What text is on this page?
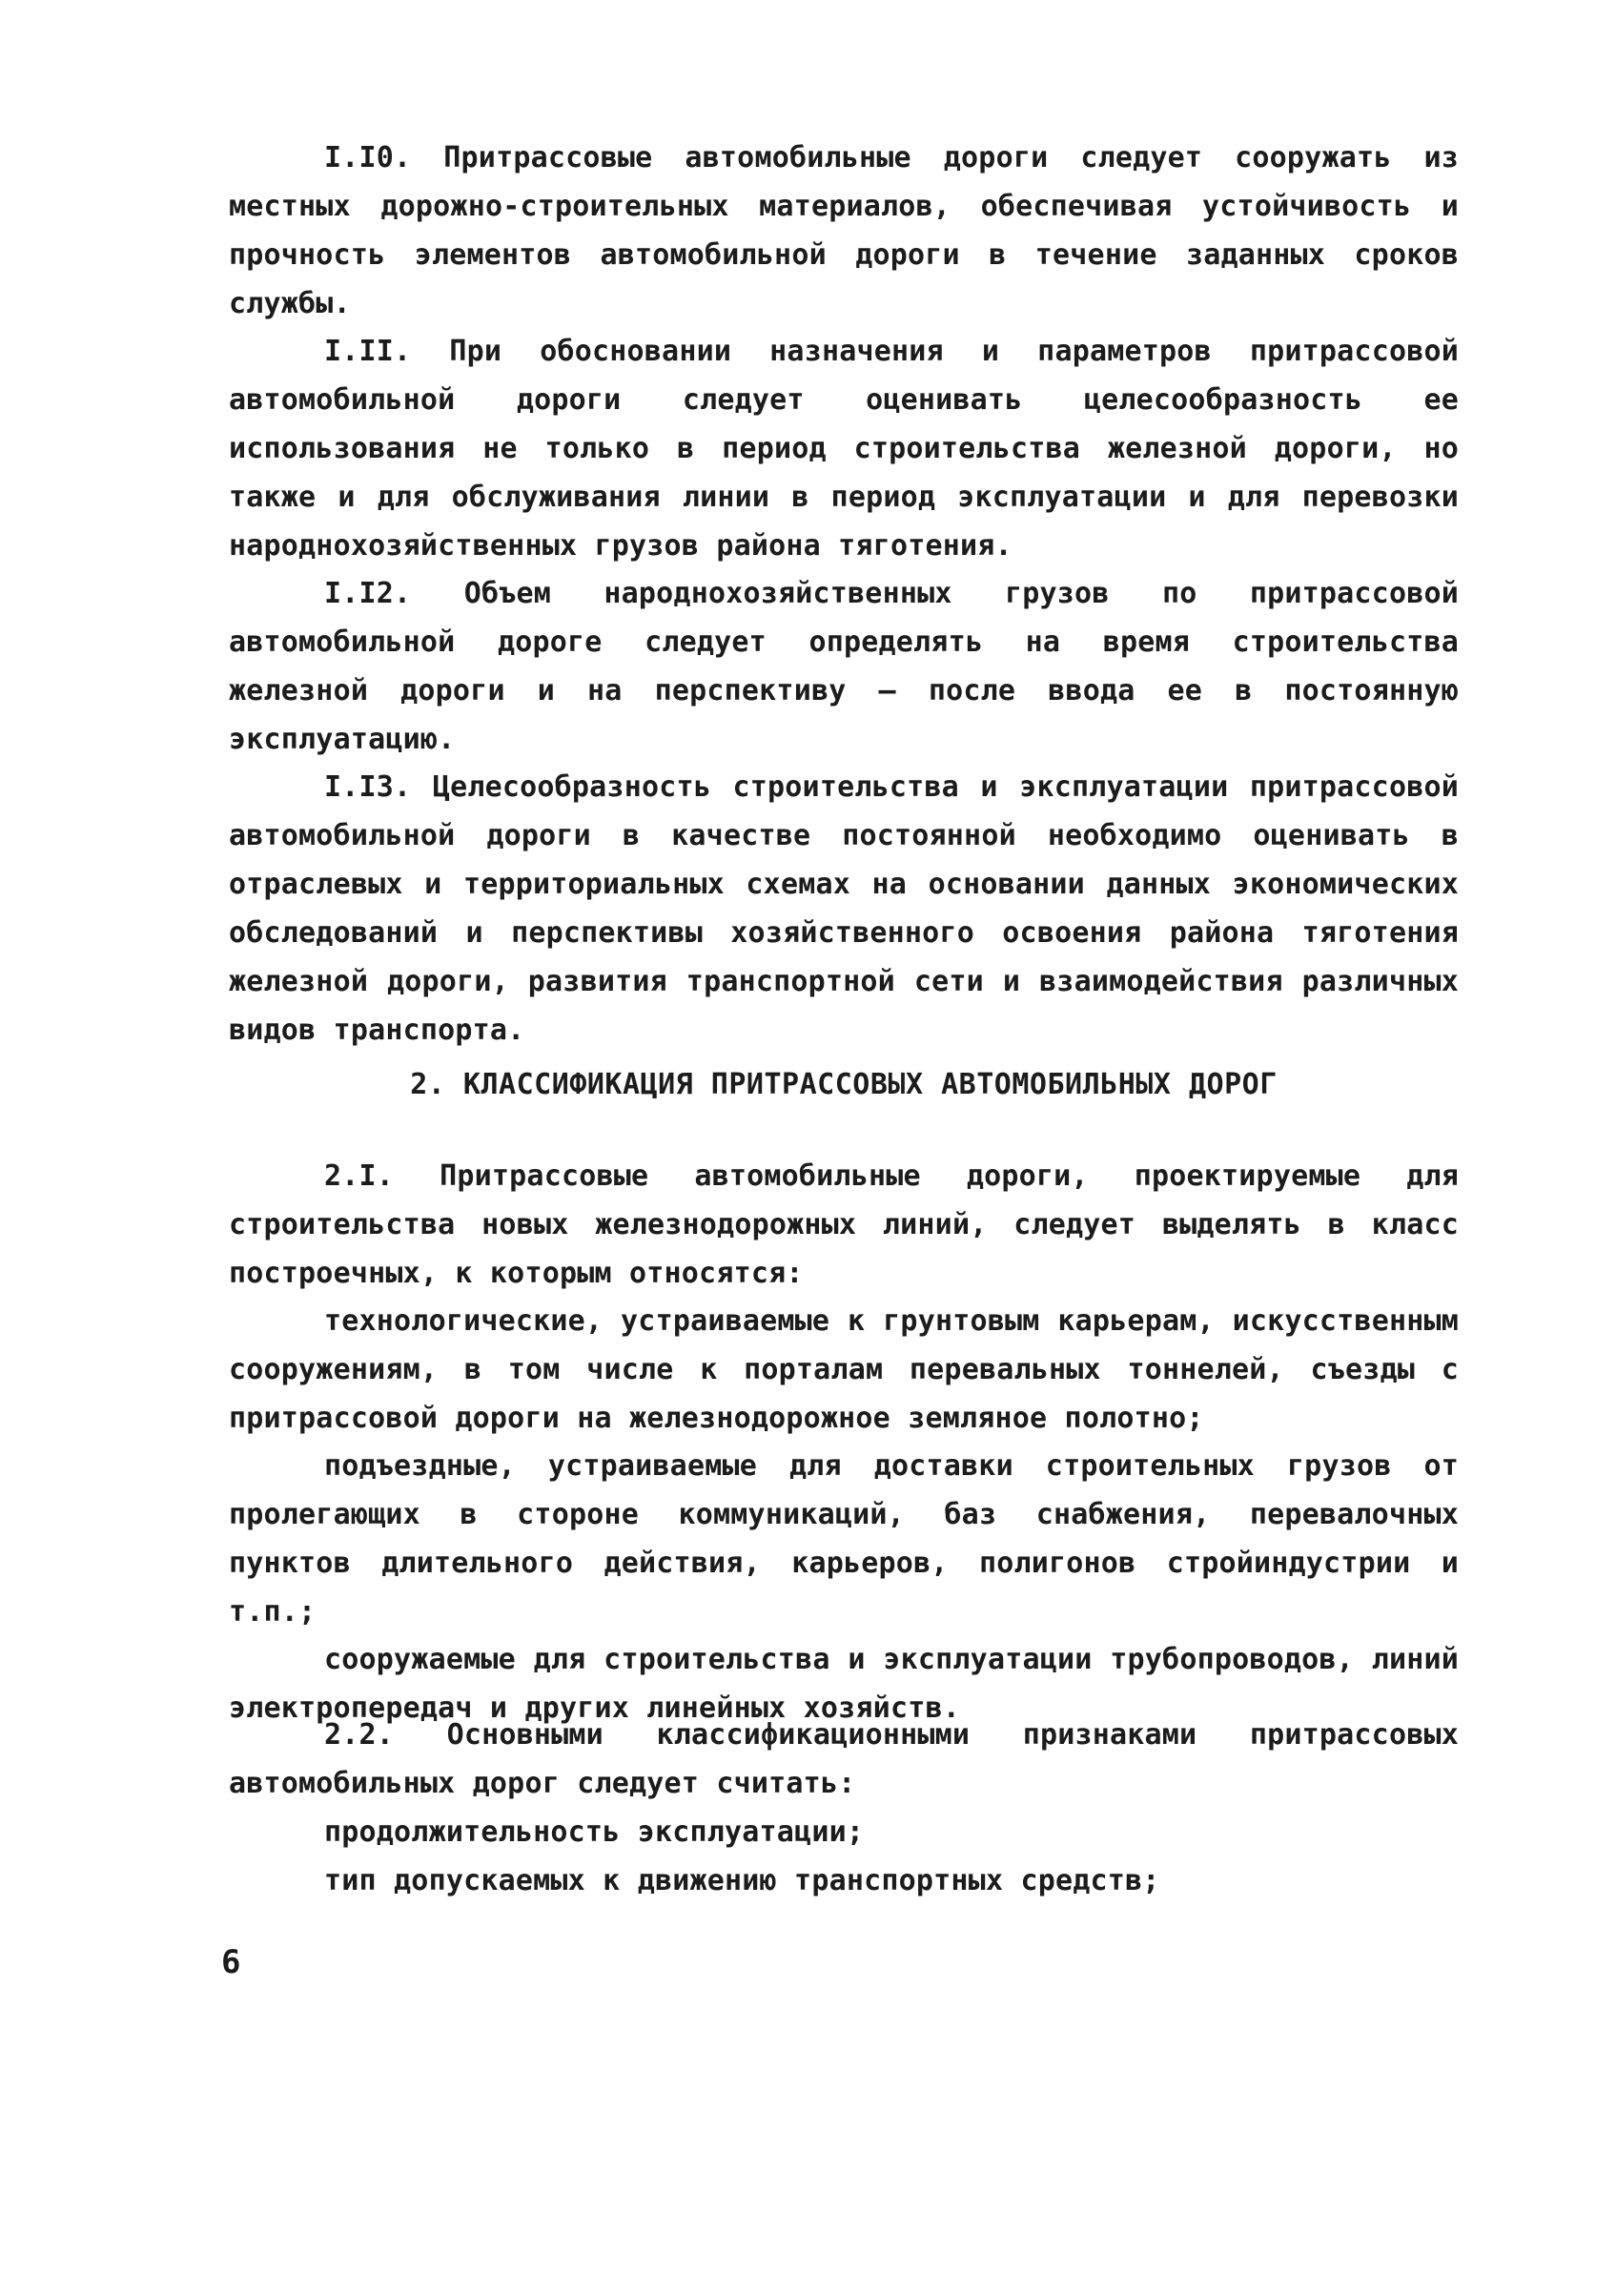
I.I0. Притрассовые автомобильные дороги следует сооружать из местных дорожно-строительных материалов, обеспечивая устойчивость и прочность элементов автомобильной дороги в течение заданных сроков службы.

I.II. При обосновании назначения и параметров притрассовой автомобильной дороги следует оценивать целесообразность ее использования не только в период строительства железной дороги, но также и для обслуживания линии в период эксплуатации и для перевозки народнохозяйственных грузов района тяготения.

I.I2. Объем народнохозяйственных грузов по притрассовой автомобильной дороге следует определять на время строительства железной дороги и на перспективу – после ввода ее в постоянную эксплуатацию.

I.I3. Целесообразность строительства и эксплуатации притрассовой автомобильной дороги в качестве постоянной необходимо оценивать в отраслевых и территориальных схемах на основании данных экономических обследований и перспективы хозяйственного освоения района тяготения железной дороги, развития транспортной сети и взаимодействия различных видов транспорта.

2. КЛАССИФИКАЦИЯ ПРИТРАССОВЫХ АВТОМОБИЛЬНЫХ ДОРОГ

2.I. Притрассовые автомобильные дороги, проектируемые для строительства новых железнодорожных линий, следует выделять в класс построечных, к которым относятся:

технологические, устраиваемые к грунтовым карьерам, искусственным сооружениям, в том числе к порталам перевальных тоннелей, съезды с притрассовой дороги на железнодорожное земляное полотно;

подъездные, устраиваемые для доставки строительных грузов от пролегающих в стороне коммуникаций, баз снабжения, перевалочных пунктов длительного действия, карьеров, полигонов стройиндустрии и т.п.;

сооружаемые для строительства и эксплуатации трубопроводов, линий электропередач и других линейных хозяйств.

2.2. Основными классификационными признаками притрассовых автомобильных дорог следует считать:

продолжительность эксплуатации;

тип допускаемых к движению транспортных средств;

6
